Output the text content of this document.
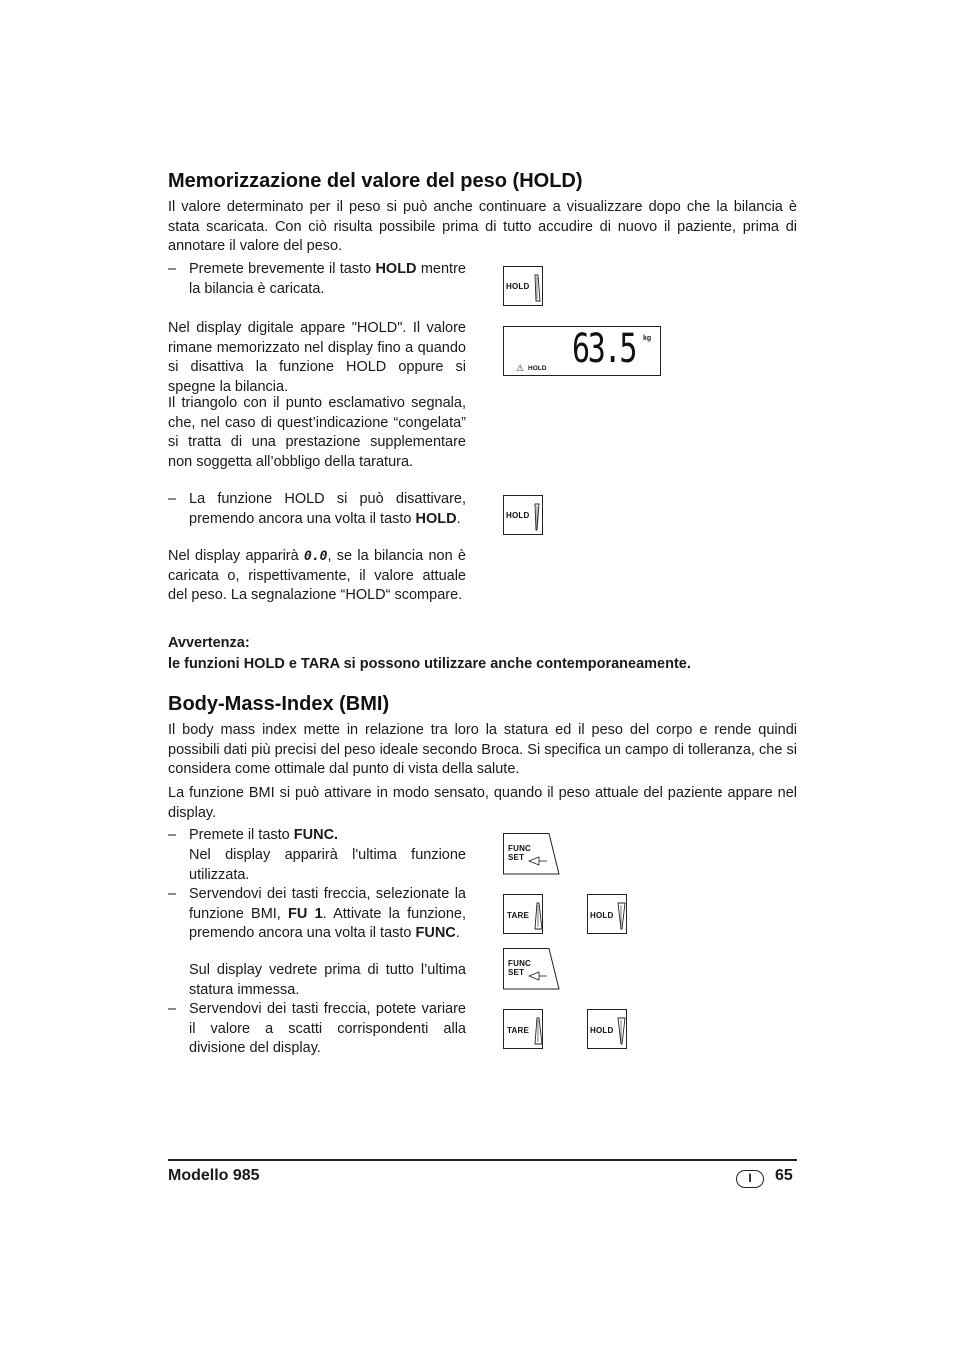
Memorizzazione del valore del peso (HOLD)

Il valore determinato per il peso si può anche continuare a visualizzare dopo che la bilancia è stata scaricata. Con ciò risulta possibile prima di tutto accudire di nuovo il paziente, prima di annotare il valore del peso.

– Premete brevemente il tasto HOLD mentre la bilancia è caricata.

Nel display digitale appare "HOLD". Il valore rimane memorizzato nel display fino a quando si disattiva la funzione HOLD oppure si spegne la bilancia.

Il triangolo con il punto esclamativo segnala, che, nel caso di quest’indicazione “congelata” si tratta di una prestazione supplementare non soggetta all’obbligo della taratura.

– La funzione HOLD si può disattivare, premendo ancora una volta il tasto HOLD.

Nel display apparirà 0.0, se la bilancia non è caricata o, rispettivamente, il valore attuale del peso. La segnalazione “HOLD“ scompare.

HOLD
63.5 kg
⚠ HOLD
HOLD

Avvertenza:

le funzioni HOLD e TARA si possono utilizzare anche contemporaneamente.

Body-Mass-Index (BMI)

Il body mass index mette in relazione tra loro la statura ed il peso del corpo e rende quindi possibili dati più precisi del peso ideale secondo Broca. Si specifica un campo di tolleranza, che si considera come ottimale dal punto di vista della salute.

La funzione BMI si può attivare in modo sensato, quando il peso attuale del paziente appare nel display.

– Premete il tasto FUNC.

Nel display apparirà l'ultima funzione utilizzata.

– Servendovi dei tasti freccia, selezionate la funzione BMI, FU 1. Attivate la funzione, premendo ancora una volta il tasto FUNC.

Sul display vedrete prima di tutto l’ultima statura immessa.

– Servendovi dei tasti freccia, potete variare il valore a scatti corrispondenti alla divisione del display.

FUNC
SET
TARE	HOLD
FUNC
SET
TARE	HOLD
Modello 985	I	65
